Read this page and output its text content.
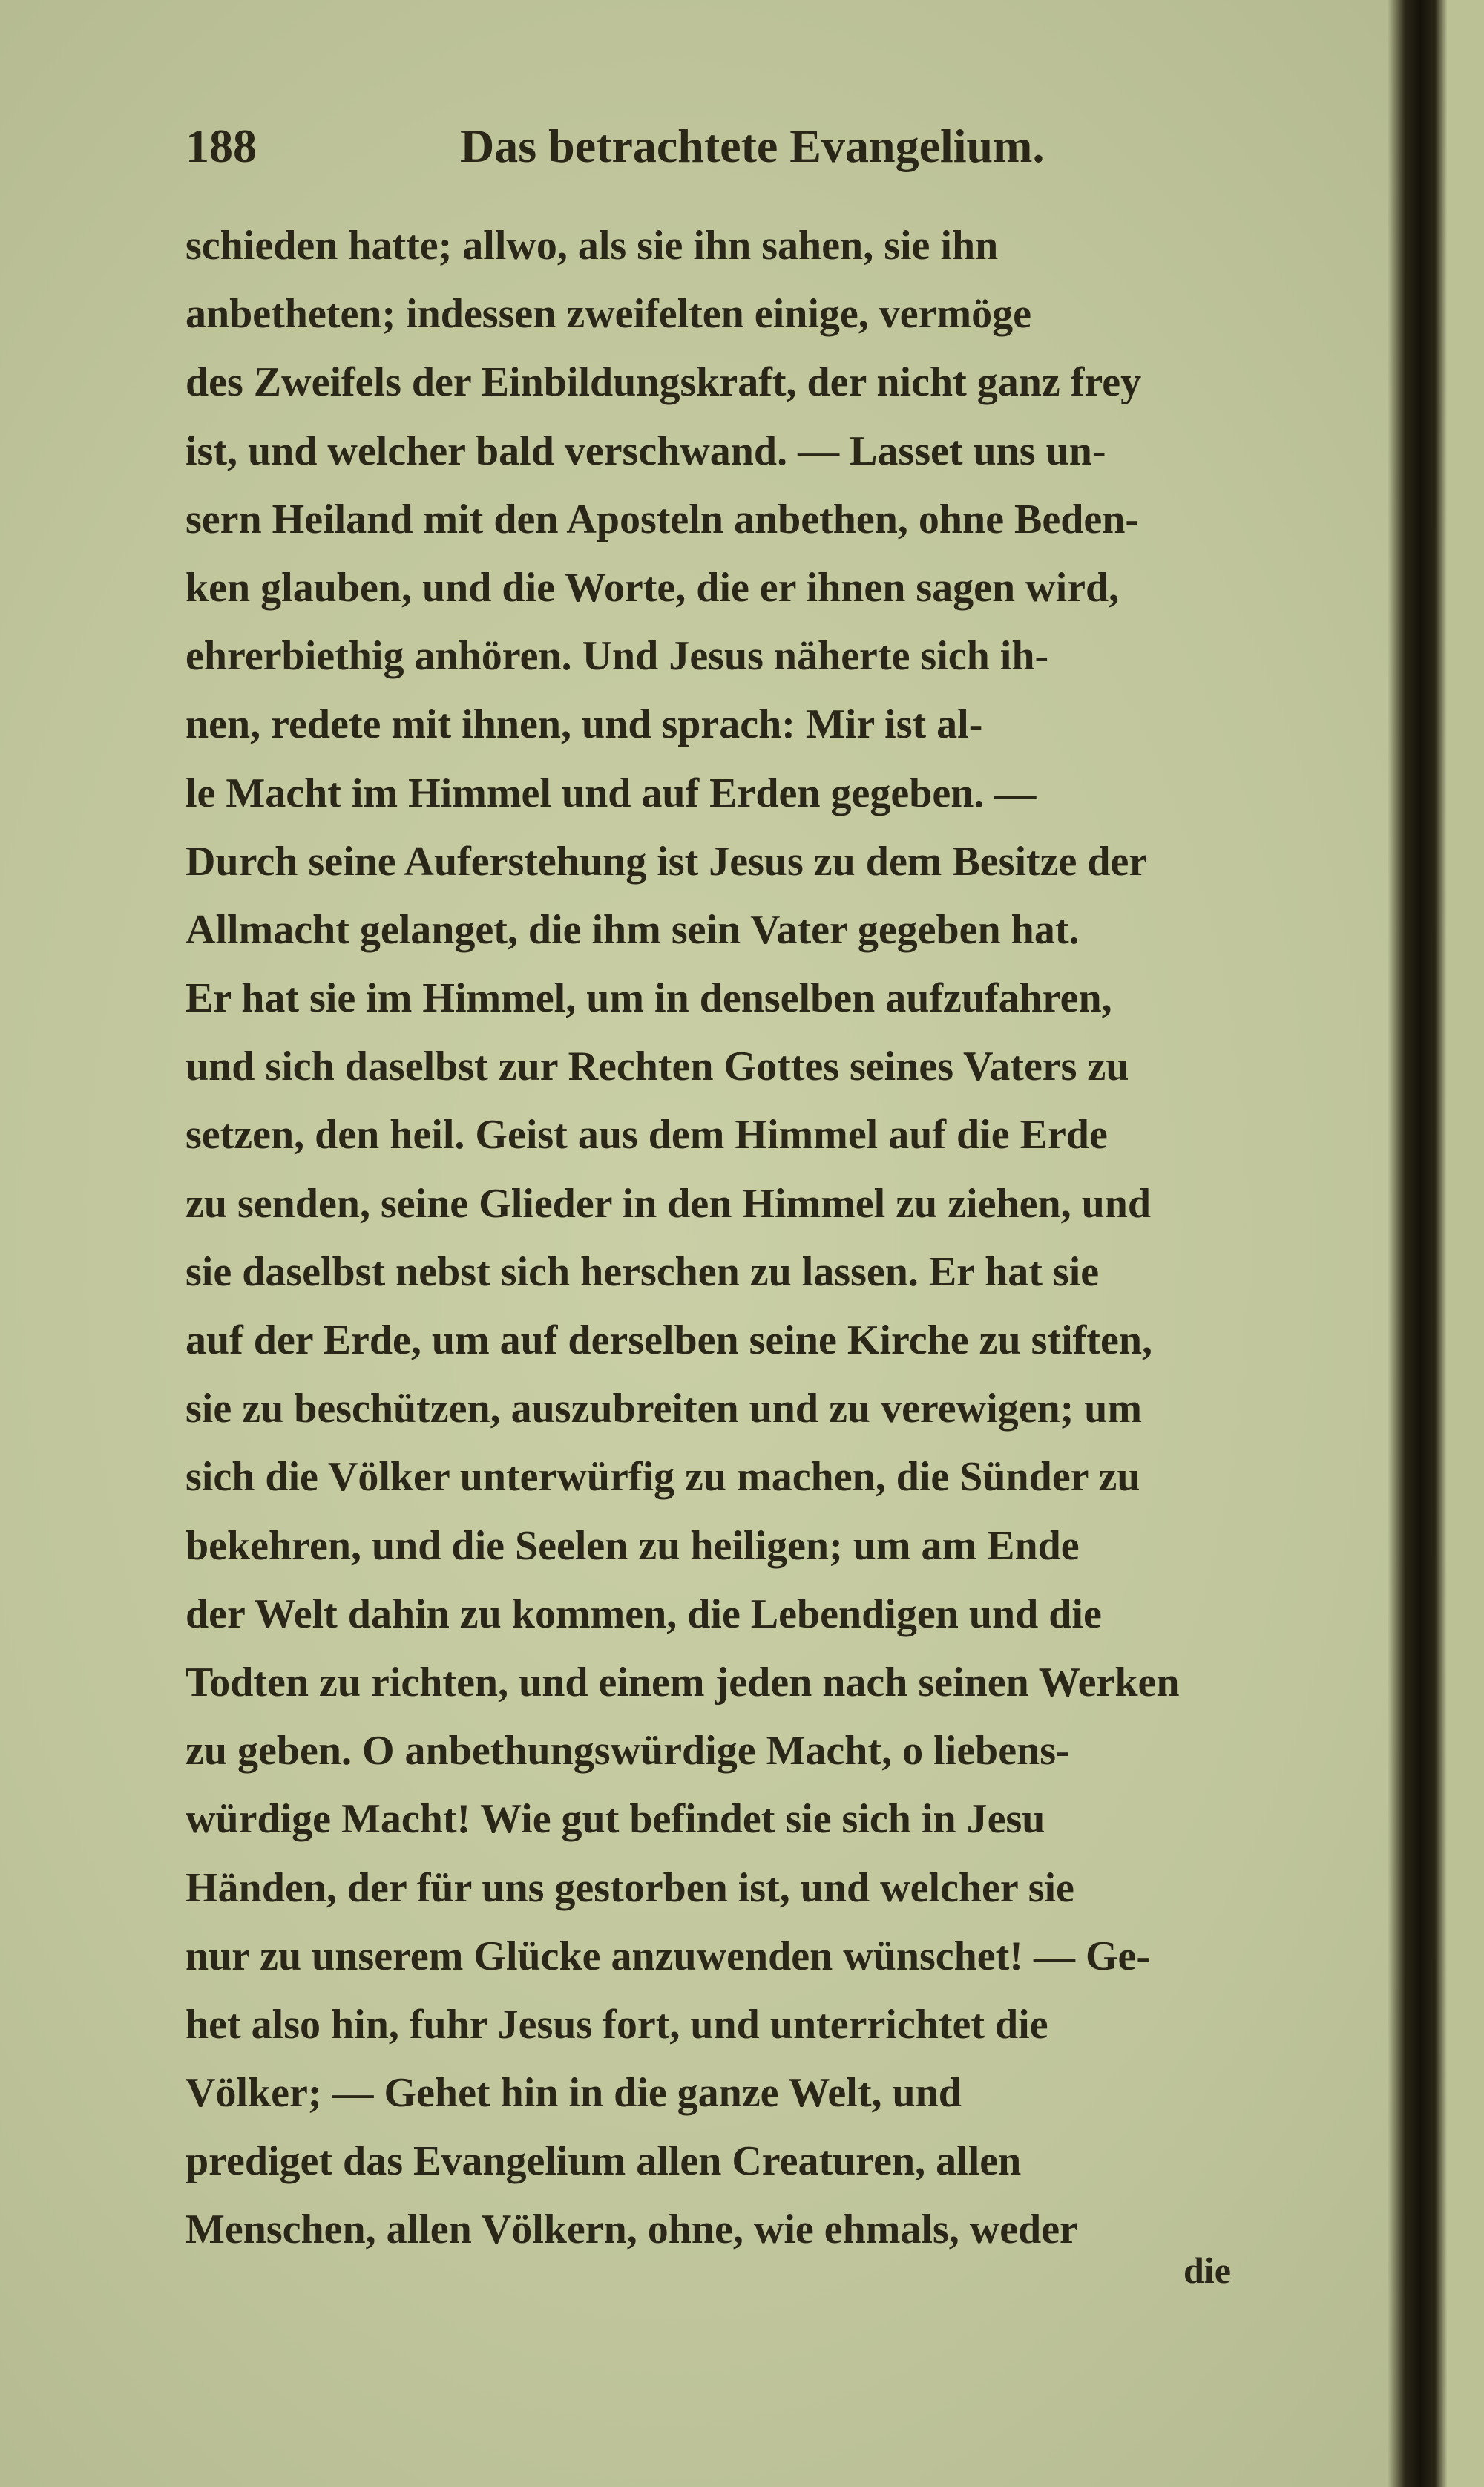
188	Das betrachtete Evangelium.
schieden hatte; allwo, als sie ihn sahen, sie ihn
anbetheten; indessen zweifelten einige, vermöge
des Zweifels der Einbildungskraft, der nicht ganz frey
ist, und welcher bald verschwand. — Lasset uns un-
sern Heiland mit den Aposteln anbethen, ohne Beden-
ken glauben, und die Worte, die er ihnen sagen wird,
ehrerbiethig anhören. Und Jesus näherte sich ih-
nen, redete mit ihnen, und sprach: Mir ist al-
le Macht im Himmel und auf Erden gegeben. —
Durch seine Auferstehung ist Jesus zu dem Besitze der
Allmacht gelanget, die ihm sein Vater gegeben hat.
Er hat sie im Himmel, um in denselben aufzufahren,
und sich daselbst zur Rechten Gottes seines Vaters zu
setzen, den heil. Geist aus dem Himmel auf die Erde
zu senden, seine Glieder in den Himmel zu ziehen, und
sie daselbst nebst sich herschen zu lassen. Er hat sie
auf der Erde, um auf derselben seine Kirche zu stiften,
sie zu beschützen, auszubreiten und zu verewigen; um
sich die Völker unterwürfig zu machen, die Sünder zu
bekehren, und die Seelen zu heiligen; um am Ende
der Welt dahin zu kommen, die Lebendigen und die
Todten zu richten, und einem jeden nach seinen Werken
zu geben. O anbethungswürdige Macht, o liebens-
würdige Macht! Wie gut befindet sie sich in Jesu
Händen, der für uns gestorben ist, und welcher sie
nur zu unserem Glücke anzuwenden wünschet! — Ge-
het also hin, fuhr Jesus fort, und unterrichtet die
Völker; — Gehet hin in die ganze Welt, und
prediget das Evangelium allen Creaturen, allen
Menschen, allen Völkern, ohne, wie ehmals, weder
die
